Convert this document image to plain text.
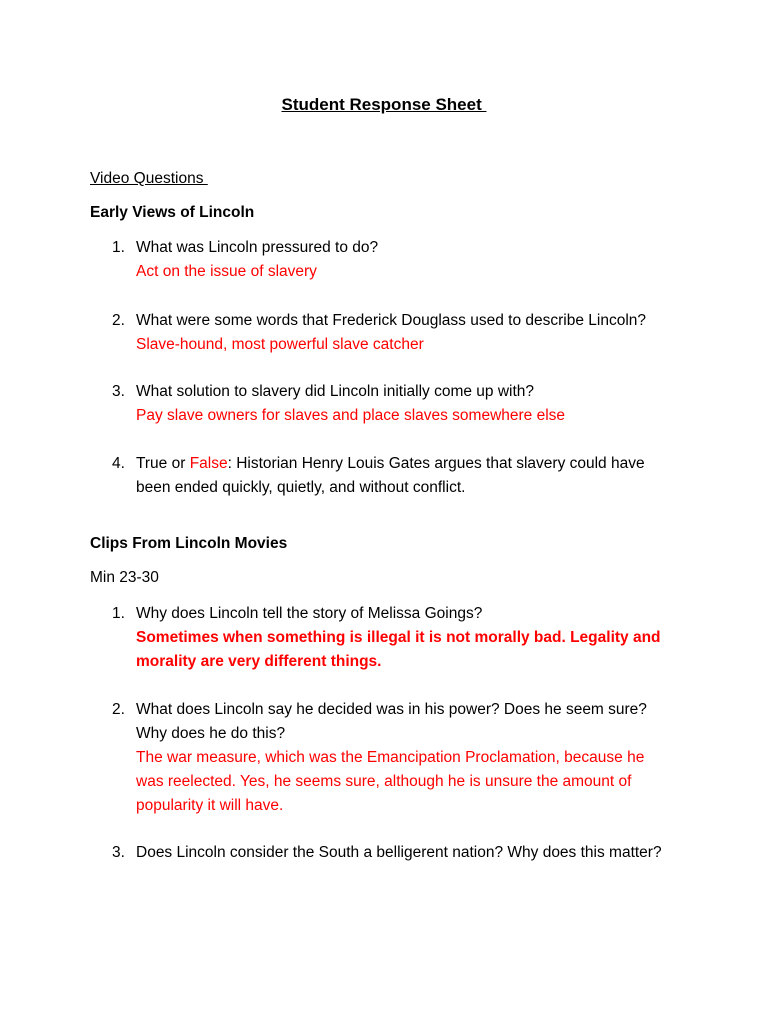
Student Response Sheet
Video Questions
Early Views of Lincoln
1. What was Lincoln pressured to do?
Act on the issue of slavery
2. What were some words that Frederick Douglass used to describe Lincoln?
Slave-hound, most powerful slave catcher
3. What solution to slavery did Lincoln initially come up with?
Pay slave owners for slaves and place slaves somewhere else
4. True or False: Historian Henry Louis Gates argues that slavery could have been ended quickly, quietly, and without conflict.
Clips From Lincoln Movies
Min 23-30
1. Why does Lincoln tell the story of Melissa Goings?
Sometimes when something is illegal it is not morally bad. Legality and morality are very different things.
2. What does Lincoln say he decided was in his power? Does he seem sure? Why does he do this?
The war measure, which was the Emancipation Proclamation, because he was reelected. Yes, he seems sure, although he is unsure the amount of popularity it will have.
3. Does Lincoln consider the South a belligerent nation? Why does this matter?
